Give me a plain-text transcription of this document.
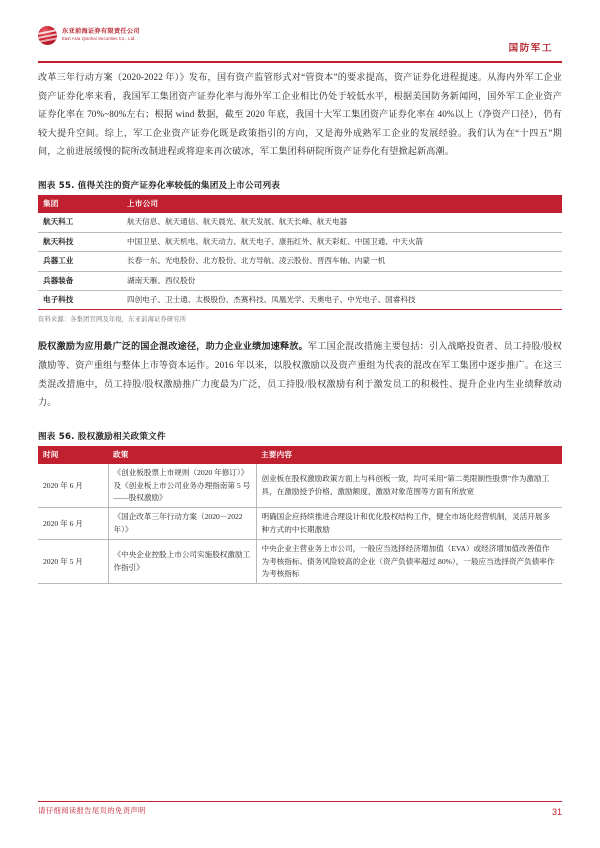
东亚前海证券有限责任公司
East Asia Qianhai Securities Co., Ltd.
国防军工

改革三年行动方案（2020-2022 年）》发布，国有资产监管形式对“管资本”的要求提高，资产证券化进程提速。从海内外军工企业资产证券化率来看，我国军工集团资产证券化率与海外军工企业相比仍处于较低水平，根据美国防务新闻网，国外军工企业资产证券化率在 70%~80%左右；根据 wind 数据，截至 2020 年底，我国十大军工集团资产证券化率在 40%以上（净资产口径），仍有较大提升空间。综上，军工企业资产证券化既是政策指引的方向，又是海外成熟军工企业的发展经验。我们认为在“十四五”期间，之前进展缓慢的院所改制进程或将迎来再次破冰，军工集团科研院所资产证券化有望掀起新高潮。

图表 55. 值得关注的资产证券化率较低的集团及上市公司列表
集团	上市公司
航天科工	航天信息、航天通信、航天晨光、航天发展、航天长峰、航天电器
航天科技	中国卫星、航天机电、航天动力、航天电子、康拓红外、航天彩虹、中国卫通、中天火箭
兵器工业	长春一东、光电股份、北方股份、北方导航、凌云股份、晋西车轴、内蒙一机
兵器装备	湖南天雁、西仪股份
电子科技	四创电子、卫士通、太极股份、杰赛科技、凤凰光学、天奥电子、中光电子、国睿科技
资料来源：各集团官网及年报，东亚前海证券研究所

股权激励为应用最广泛的国企混改途径，助力企业业绩加速释放。军工国企混改措施主要包括：引入战略投资者、员工持股/股权激励等、资产重组与整体上市等资本运作。2016 年以来，以股权激励以及资产重组为代表的混改在军工集团中逐步推广。在这三类混改措施中，员工持股/股权激励推广力度最为广泛，员工持股/股权激励有利于激发员工的积极性、提升企业内生业绩释放动力。

图表 56. 股权激励相关政策文件
时间	政策	主要内容
2020 年 6 月	《创业板股票上市规则（2020 年修订）》及《创业板上市公司业务办理指南第 5 号——股权激励》	创业板在股权激励政策方面上与科创板一致，均可采用“第二类限制性股票”作为激励工具，在激励授予价格、激励额度、激励对象范围等方面有所放宽
2020 年 6 月	《国企改革三年行动方案（2020－2022 年）》	明确国企应持续推进合理设计和优化股权结构工作，健全市场化经营机制，灵活开展多种方式的中长期激励
2020 年 5 月	《中央企业控股上市公司实施股权激励工作指引》	中央企业主营业务上市公司，一般应当选择经济增加值（EVA）或经济增加值改善值作为考核指标。债务风险较高的企业（资产负债率超过 80%），一般应当选择资产负债率作为考核指标
请仔细阅读报告尾页的免责声明	31
